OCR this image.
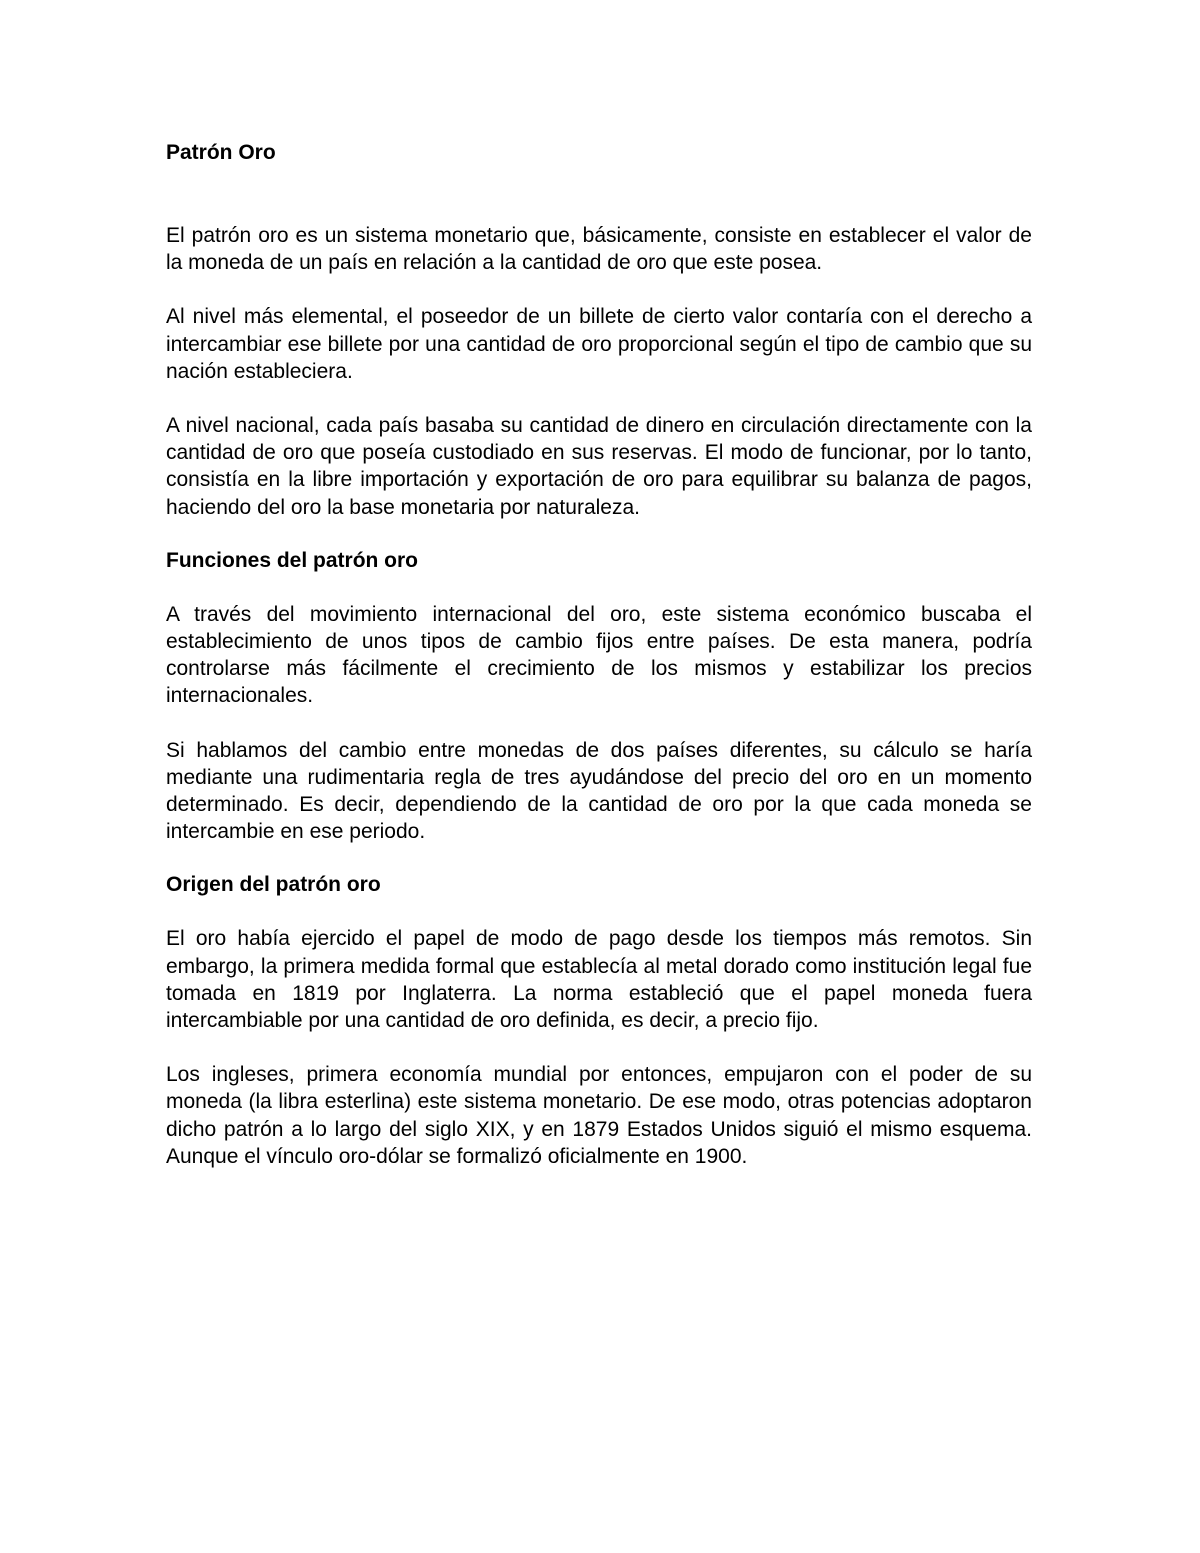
Patrón Oro

El patrón oro es un sistema monetario que, básicamente, consiste en establecer el valor de la moneda de un país en relación a la cantidad de oro que este posea.

Al nivel más elemental, el poseedor de un billete de cierto valor contaría con el derecho a intercambiar ese billete por una cantidad de oro proporcional según el tipo de cambio que su nación estableciera.

A nivel nacional, cada país basaba su cantidad de dinero en circulación directamente con la cantidad de oro que poseía custodiado en sus reservas. El modo de funcionar, por lo tanto, consistía en la libre importación y exportación de oro para equilibrar su balanza de pagos, haciendo del oro la base monetaria por naturaleza.

Funciones del patrón oro

A través del movimiento internacional del oro, este sistema económico buscaba el establecimiento de unos tipos de cambio fijos entre países. De esta manera, podría controlarse más fácilmente el crecimiento de los mismos y estabilizar los precios internacionales.

Si hablamos del cambio entre monedas de dos países diferentes, su cálculo se haría mediante una rudimentaria regla de tres ayudándose del precio del oro en un momento determinado. Es decir, dependiendo de la cantidad de oro por la que cada moneda se intercambie en ese periodo.

Origen del patrón oro

El oro había ejercido el papel de modo de pago desde los tiempos más remotos. Sin embargo, la primera medida formal que establecía al metal dorado como institución legal fue tomada en 1819 por Inglaterra. La norma estableció que el papel moneda fuera intercambiable por una cantidad de oro definida, es decir, a precio fijo.

Los ingleses, primera economía mundial por entonces, empujaron con el poder de su moneda (la libra esterlina) este sistema monetario. De ese modo, otras potencias adoptaron dicho patrón a lo largo del siglo XIX, y en 1879 Estados Unidos siguió el mismo esquema. Aunque el vínculo oro-dólar se formalizó oficialmente en 1900.
